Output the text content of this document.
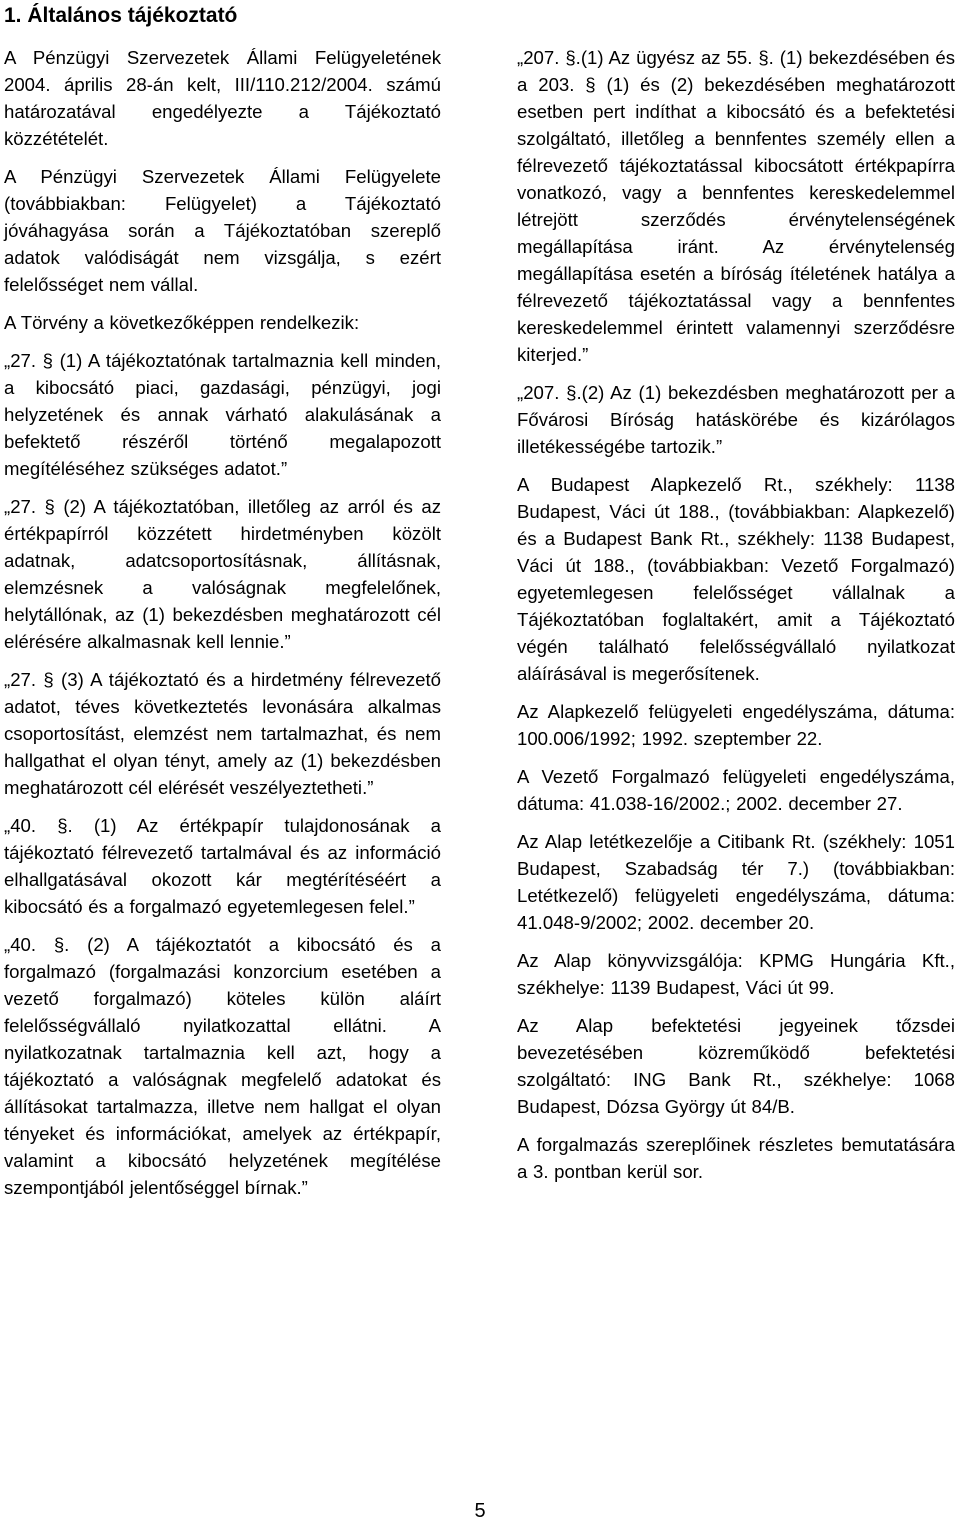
1. Általános tájékoztató

A Pénzügyi Szervezetek Állami Felügyeletének 2004. április 28-án kelt, III/110.212/2004. számú határozatával engedélyezte a Tájékoztató közzétételét.

A Pénzügyi Szervezetek Állami Felügyelete (továbbiakban: Felügyelet) a Tájékoztató jóváhagyása során a Tájékoztatóban szereplő adatok valódiságát nem vizsgálja, s ezért felelősséget nem vállal.

A Törvény a következőképpen rendelkezik:

„27. § (1) A tájékoztatónak tartalmaznia kell minden, a kibocsátó piaci, gazdasági, pénzügyi, jogi helyzetének és annak várható alakulásának a befektető részéről történő megalapozott megítéléséhez szükséges adatot.”

„27. § (2) A tájékoztatóban, illetőleg az arról és az értékpapírról közzétett hirdetményben közölt adatnak, adatcsoportosításnak, állításnak, elemzésnek a valóságnak megfelelőnek, helytállónak, az (1) bekezdésben meghatározott cél elérésére alkalmasnak kell lennie.”

„27. § (3) A tájékoztató és a hirdetmény félrevezető adatot, téves következtetés levonására alkalmas csoportosítást, elemzést nem tartalmazhat, és nem hallgathat el olyan tényt, amely az (1) bekezdésben meghatározott cél elérését veszélyeztetheti.”

„40. §. (1) Az értékpapír tulajdonosának a tájékoztató félrevezető tartalmával és az információ elhallgatásával okozott kár megtérítéséért a kibocsátó és a forgalmazó egyetemlegesen felel.”

„40. §. (2) A tájékoztatót a kibocsátó és a forgalmazó (forgalmazási konzorcium esetében a vezető forgalmazó) köteles külön aláírt felelősségvállaló nyilatkozattal ellátni. A nyilatkozatnak tartalmaznia kell azt, hogy a tájékoztató a valóságnak megfelelő adatokat és állításokat tartalmazza, illetve nem hallgat el olyan tényeket és információkat, amelyek az értékpapír, valamint a kibocsátó helyzetének megítélése szempontjából jelentőséggel bírnak.”

„207. §.(1) Az ügyész az 55. §. (1) bekezdésében és a 203. § (1) és (2) bekezdésében meghatározott esetben pert indíthat a kibocsátó és a befektetési szolgáltató, illetőleg a bennfentes személy ellen a félrevezető tájékoztatással kibocsátott értékpapírra vonatkozó, vagy a bennfentes kereskedelemmel létrejött szerződés érvénytelenségének megállapítása iránt. Az érvénytelenség megállapítása esetén a bíróság ítéletének hatálya a félrevezető tájékoztatással vagy a bennfentes kereskedelemmel érintett valamennyi szerződésre kiterjed.”

„207. §.(2) Az (1) bekezdésben meghatározott per a Fővárosi Bíróság hatáskörébe és kizárólagos illetékességébe tartozik.”

A Budapest Alapkezelő Rt., székhely: 1138 Budapest, Váci út 188., (továbbiakban: Alapkezelő) és a Budapest Bank Rt., székhely: 1138 Budapest, Váci út 188., (továbbiakban: Vezető Forgalmazó) egyetemlegesen felelősséget vállalnak a Tájékoztatóban foglaltakért, amit a Tájékoztató végén található felelősségvállaló nyilatkozat aláírásával is megerősítenek.

Az Alapkezelő felügyeleti engedélyszáma, dátuma: 100.006/1992; 1992. szeptember 22.

A Vezető Forgalmazó felügyeleti engedélyszáma, dátuma: 41.038-16/2002.; 2002. december 27.

Az Alap letétkezelője a Citibank Rt. (székhely: 1051 Budapest, Szabadság tér 7.) (továbbiakban: Letétkezelő) felügyeleti engedélyszáma, dátuma: 41.048-9/2002; 2002. december 20.

Az Alap könyvvizsgálója: KPMG Hungária Kft., székhelye: 1139 Budapest, Váci út 99.

Az Alap befektetési jegyeinek tőzsdei bevezetésében közreműködő befektetési szolgáltató: ING Bank Rt., székhelye: 1068 Budapest, Dózsa György út 84/B.

A forgalmazás szereplőinek részletes bemutatására a 3. pontban kerül sor.

5
